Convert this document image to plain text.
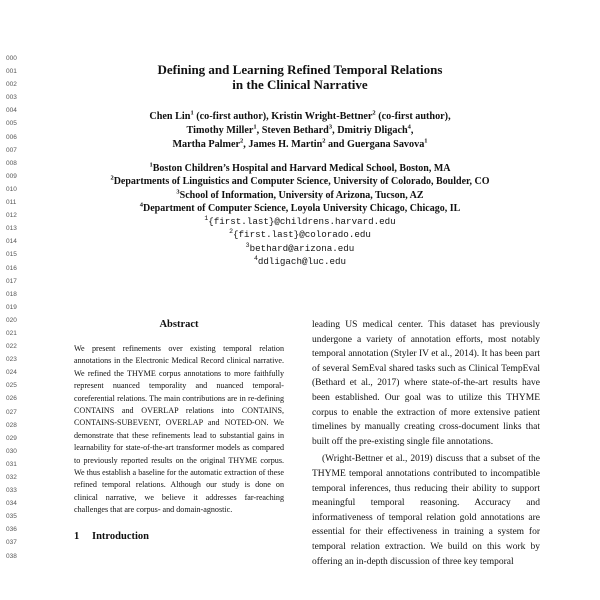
000
001
002
003
004
005
006
007
008
009
010
011
012
013
014
015
016
017
018
019
020
021
022
023
024
025
026
027
028
029
030
031
032
033
034
035
036
037
038
Defining and Learning Refined Temporal Relations
in the Clinical Narrative
Chen Lin$^1$ (co-first author), Kristin Wright-Bettner$^2$ (co-first author),
Timothy Miller$^1$, Steven Bethard$^3$, Dmitriy Dligach$^4$,
Martha Palmer$^2$, James H. Martin$^2$ and Guergana Savova$^1$
$^1$Boston Children’s Hospital and Harvard Medical School, Boston, MA
$^2$Departments of Linguistics and Computer Science, University of Colorado, Boulder, CO
$^3$School of Information, University of Arizona, Tucson, AZ
$^4$Department of Computer Science, Loyola University Chicago, Chicago, IL
$^1${first.last}@childrens.harvard.edu
$^2${first.last}@colorado.edu
$^3$bethard@arizona.edu
$^4$ddligach@luc.edu
Abstract
We present refinements over existing temporal relation annotations in the Electronic Medical Record clinical narrative. We refined the THYME corpus annotations to more faithfully represent nuanced temporality and nuanced temporal-coreferential relations. The main contributions are in re-defining CONTAINS and OVERLAP relations into CONTAINS, CONTAINS-SUBEVENT, OVERLAP and NOTED-ON. We demonstrate that these refinements lead to substantial gains in learnability for state-of-the-art transformer models as compared to previously reported results on the original THYME corpus. We thus establish a baseline for the automatic extraction of these refined temporal relations. Although our study is done on clinical narrative, we believe it addresses far-reaching challenges that are corpus- and domain-agnostic.
1 Introduction

leading US medical center. This dataset has previously undergone a variety of annotation efforts, most notably temporal annotation (Styler IV et al., 2014). It has been part of several SemEval shared tasks such as Clinical TempEval (Bethard et al., 2017) where state-of-the-art results have been established. Our goal was to utilize this THYME corpus to enable the extraction of more extensive patient timelines by manually creating cross-document links that built off the pre-existing single file annotations.

(Wright-Bettner et al., 2019) discuss that a subset of the THYME temporal annotations contributed to incompatible temporal inferences, thus reducing their ability to support meaningful temporal reasoning. Accuracy and informativeness of temporal relation gold annotations are essential for their effectiveness in training a system for temporal relation extraction. We build on this work by offering an in-depth discussion of three key temporal
